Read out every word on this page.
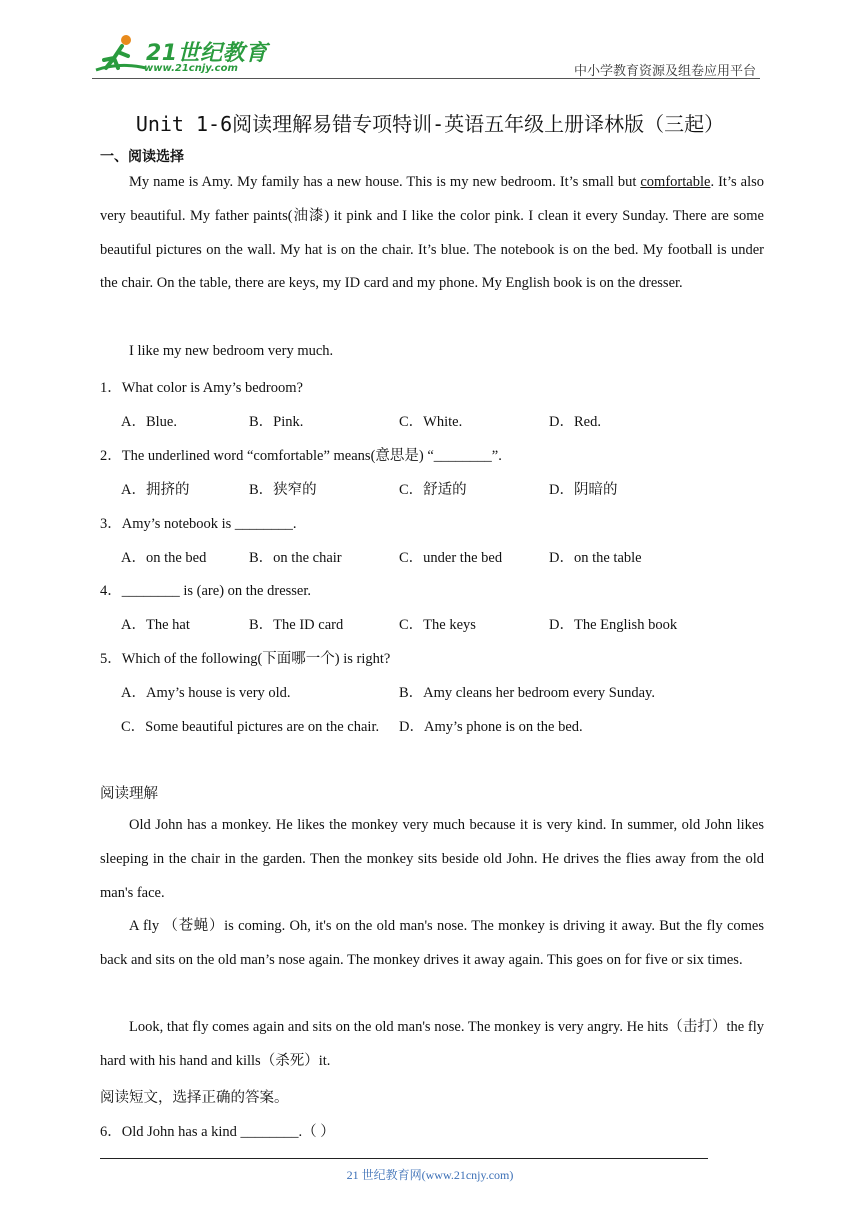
21世纪教育
www.21cnjy.com	中小学教育资源及组卷应用平台
Unit 1-6阅读理解易错专项特训-英语五年级上册译林版（三起）
一、阅读选择
My name is Amy. My family has a new house. This is my new bedroom. It’s small but comfortable. It’s also very beautiful. My father paints(油漆) it pink and I like the color pink. I clean it every Sunday. There are some beautiful pictures on the wall. My hat is on the chair. It’s blue. The notebook is on the bed. My football is under the chair. On the table, there are keys, my ID card and my phone. My English book is on the dresser.
I like my new bedroom very much.
1．What color is Amy’s bedroom?
A．Blue.	B．Pink.	C．White.	D．Red.
2．The underlined word “comfortable” means(意思是) “________”.
A．拥挤的	B．狭窄的	C．舒适的	D．阴暗的
3．Amy’s notebook is ________.
A．on the bed	B．on the chair	C．under the bed	D．on the table
4．________ is (are) on the dresser.
A．The hat	B．The ID card	C．The keys	D．The English book
5．Which of the following(下面哪一个) is right?
A．Amy’s house is very old.	B．Amy cleans her bedroom every Sunday.
C．Some beautiful pictures are on the chair. D．Amy’s phone is on the bed.
阅读理解
Old John has a monkey. He likes the monkey very much because it is very kind. In summer, old John likes sleeping in the chair in the garden. Then the monkey sits beside old John. He drives the flies away from the old man's face.
A fly （苍蝇）is coming. Oh, it's on the old man's nose. The monkey is driving it away. But the fly comes back and sits on the old man’s nose again. The monkey drives it away again. This goes on for five or six times.
Look, that fly comes again and sits on the old man's nose. The monkey is very angry. He hits（击打）the fly hard with his hand and kills（杀死）it.
阅读短文，选择正确的答案。
6．Old John has a kind ________.（ ）
21 世纪教育网(www.21cnjy.com)
